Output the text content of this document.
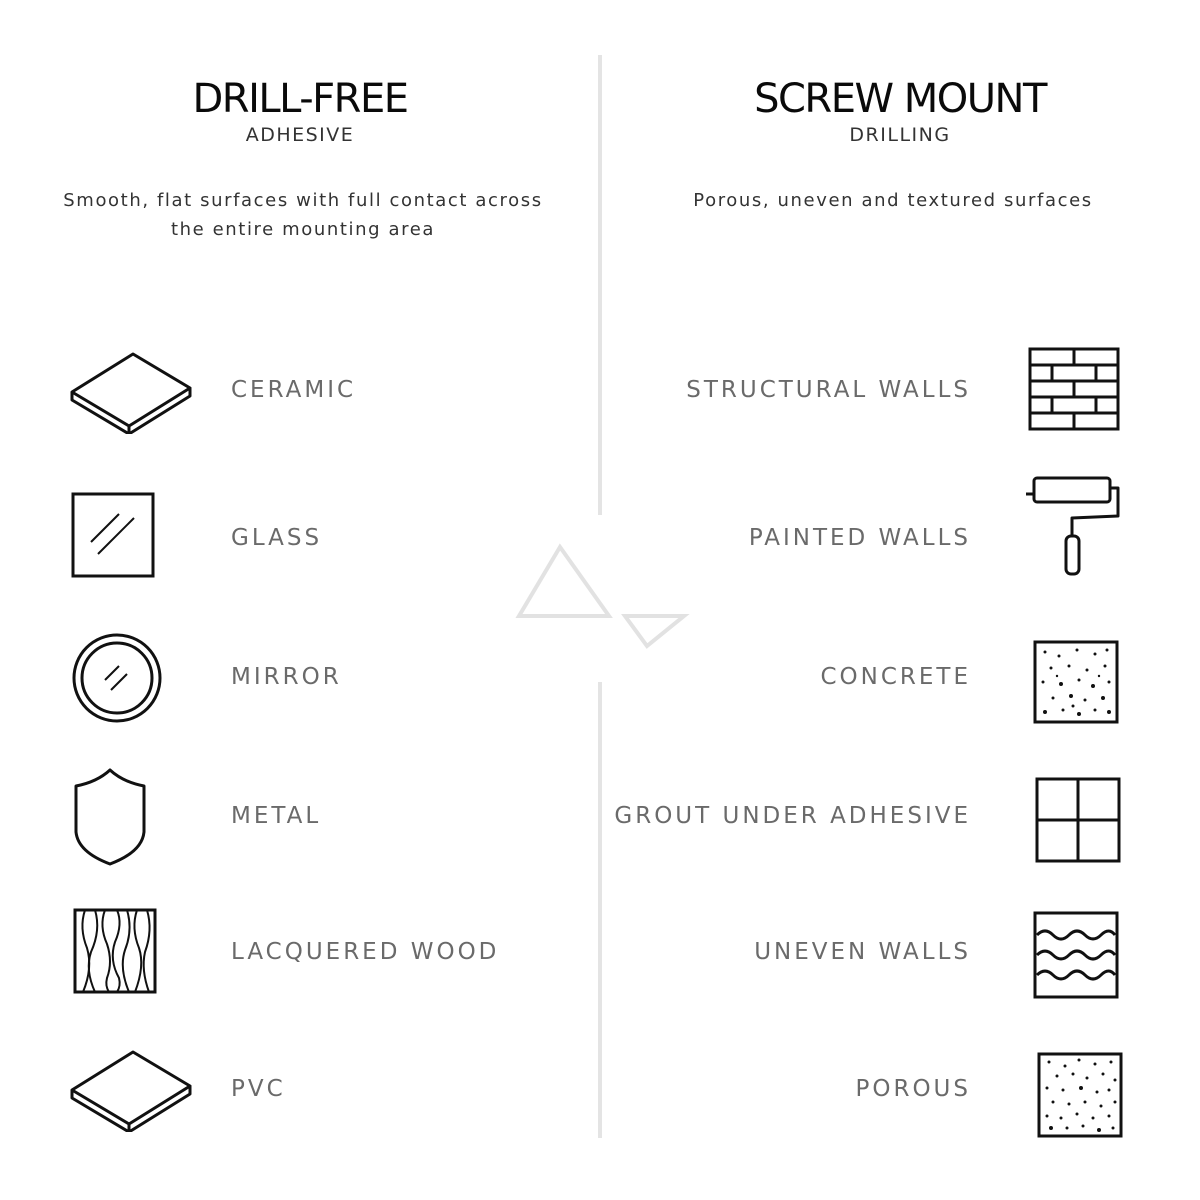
DRILL-FREE
ADHESIVE
SCREW MOUNT
DRILLING
Smooth, flat surfaces with full contact across
the entire mounting area
Porous, uneven and textured surfaces
CERAMIC
GLASS
MIRROR
METAL
LACQUERED WOOD
PVC
STRUCTURAL WALLS
PAINTED WALLS
CONCRETE
GROUT UNDER ADHESIVE
UNEVEN WALLS
POROUS
